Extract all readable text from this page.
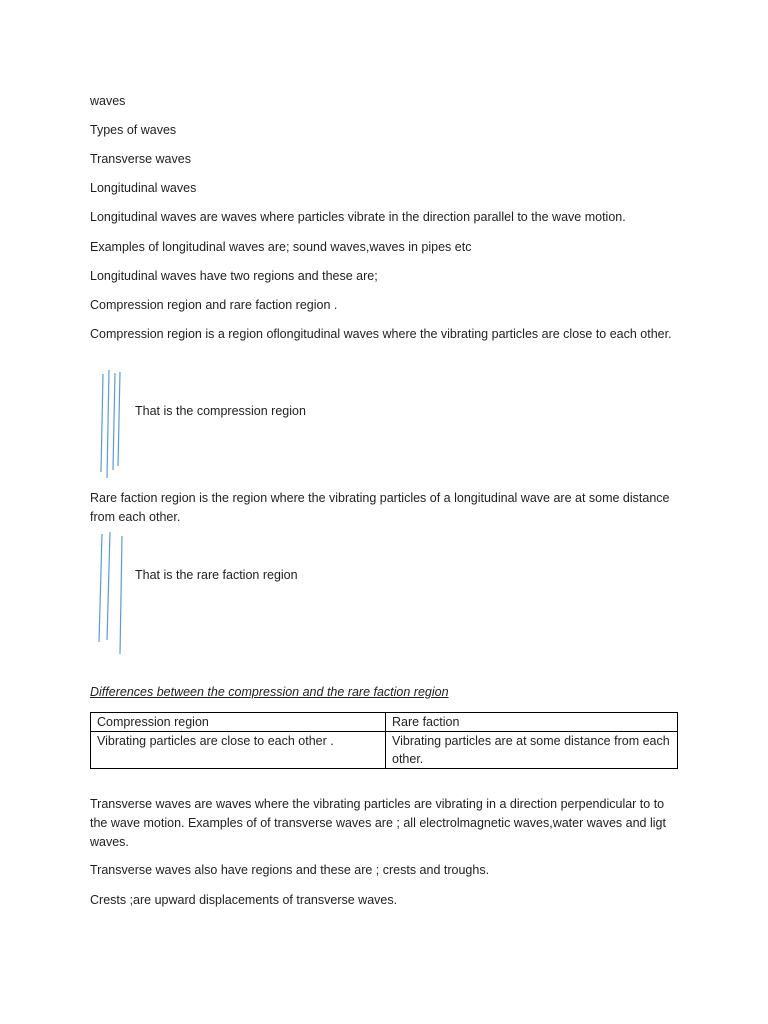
waves

Types of waves

Transverse waves

Longitudinal waves

Longitudinal waves are waves where particles vibrate in the direction parallel to the wave motion.

Examples of longitudinal waves are; sound waves,waves in pipes etc

Longitudinal waves have two regions and these are;

Compression region and rare faction region .

Compression region is a region oflongitudinal waves where the vibrating particles are close to each other.

That is the compression region

Rare faction region is the region where the vibrating particles of a longitudinal wave are at some distance from each other.

That is the rare faction region

Differences between the compression and the rare faction region

Compression region	Rare faction
Vibrating particles are close to each other .	Vibrating particles are at some distance from each other.

Transverse waves are waves where the vibrating particles are vibrating in a direction perpendicular to to the wave motion. Examples of of transverse waves are ; all electrolmagnetic waves,water waves and ligt waves.

Transverse waves also have regions and these are ; crests and troughs.

Crests ;are upward displacements of transverse waves.
